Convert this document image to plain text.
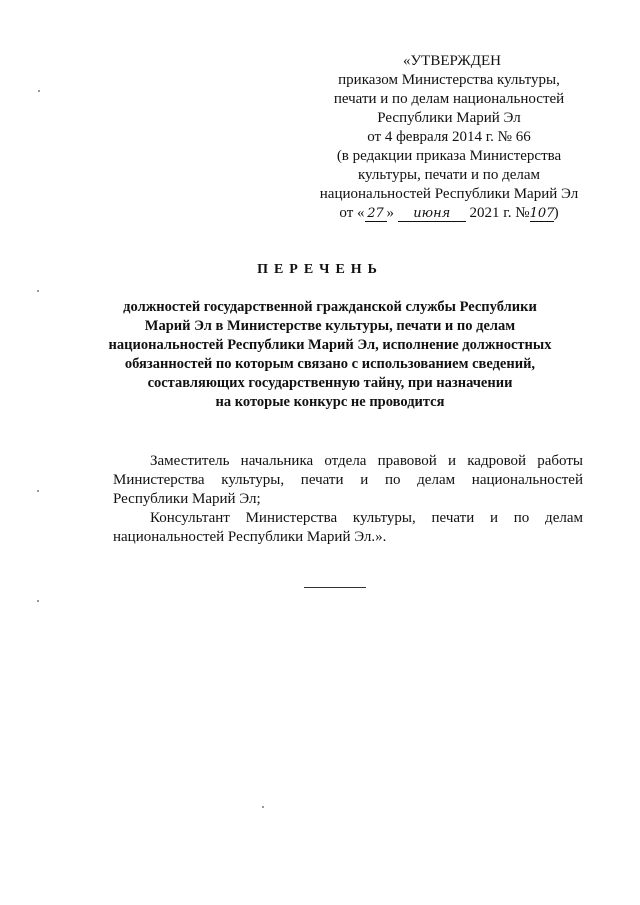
«УТВЕРЖДЕН
приказом Министерства культуры,
печати и по делам национальностей
Республики Марий Эл
от 4 февраля 2014 г. № 66
(в редакции приказа Министерства
культуры, печати и по делам
национальностей Республики Марий Эл
от « 27 » июня 2021 г. №107)
ПЕРЕЧЕНЬ
должностей государственной гражданской службы Республики
Марий Эл в Министерстве культуры, печати и по делам
национальностей Республики Марий Эл, исполнение должностных
обязанностей по которым связано с использованием сведений,
составляющих государственную тайну, при назначении
на которые конкурс не проводится

Заместитель начальника отдела правовой и кадровой работы Министерства культуры, печати и по делам национальностей Республики Марий Эл;

Консультант Министерства культуры, печати и по делам национальностей Республики Марий Эл.».
